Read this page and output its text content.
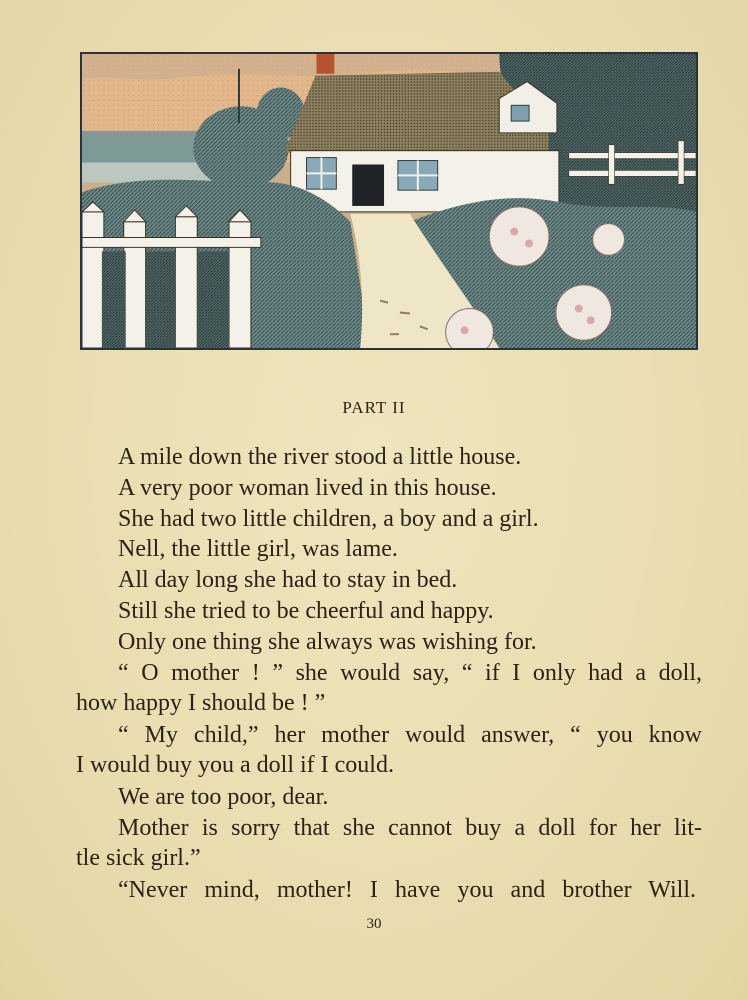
PART II
A mile down the river stood a little house.
A very poor woman lived in this house.
She had two little children, a boy and a girl.
Nell, the little girl, was lame.
All day long she had to stay in bed.
Still she tried to be cheerful and happy.
Only one thing she always was wishing for.
“ O mother ! ” she would say, “ if I only had a doll,
how happy I should be ! ”
“ My child,” her mother would answer, “ you know
I would buy you a doll if I could.
We are too poor, dear.
Mother is sorry that she cannot buy a doll for her lit-
tle sick girl.”
“Never mind, mother! I have you and brother Will.
30
